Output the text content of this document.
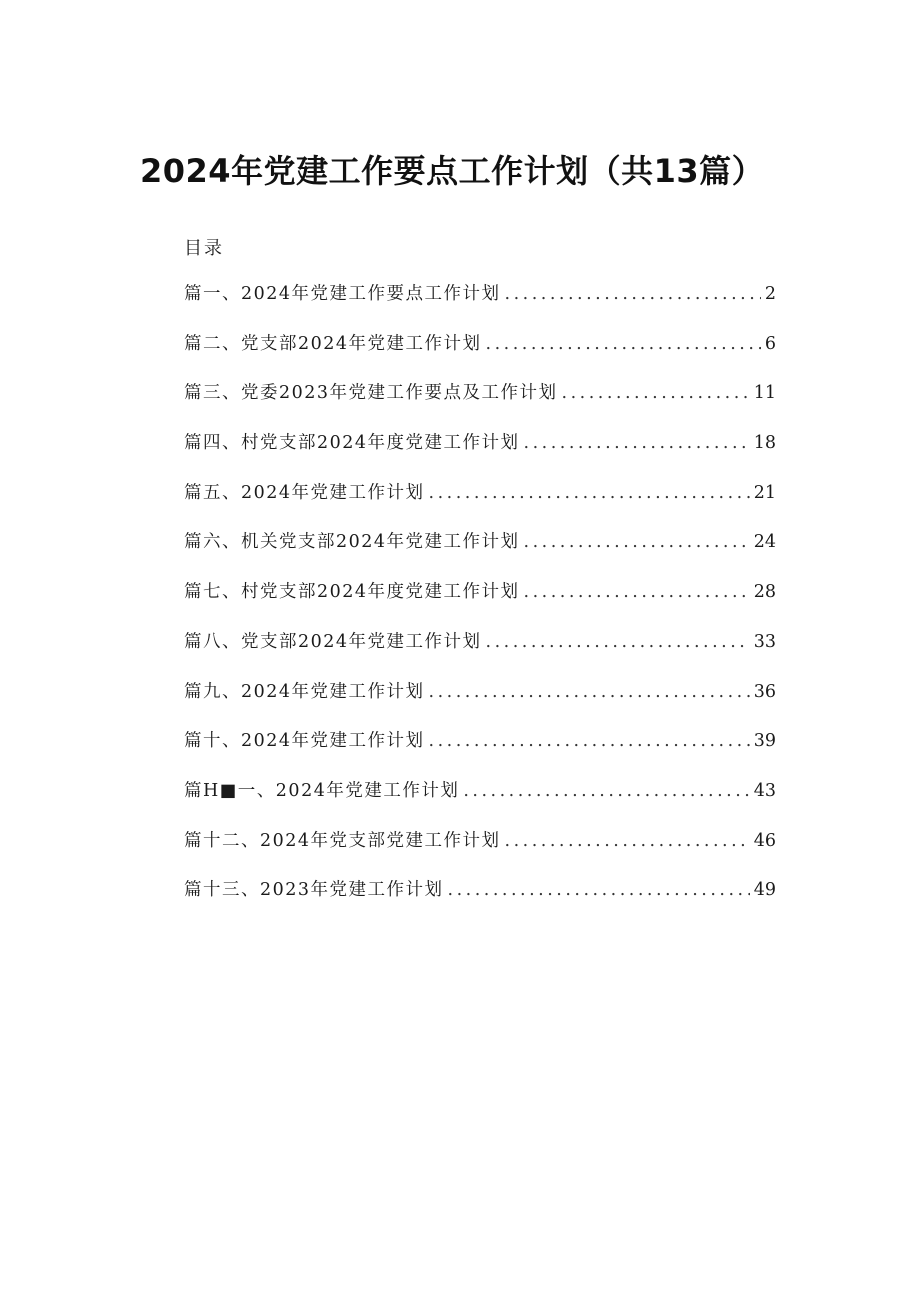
2024年党建工作要点工作计划（共13篇）
目录
篇一、2024年党建工作要点工作计划 .....	2
篇二、党支部2024年党建工作计划 .....	6
篇三、党委2023年党建工作要点及工作计划 .....	11
篇四、村党支部2024年度党建工作计划 .....	18
篇五、2024年党建工作计划 .....	21
篇六、机关党支部2024年党建工作计划 .....	24
篇七、村党支部2024年度党建工作计划 .....	28
篇八、党支部2024年党建工作计划 .....	33
篇九、2024年党建工作计划 .....	36
篇十、2024年党建工作计划 .....	39
篇H■一、2024年党建工作计划 .....	43
篇十二、2024年党支部党建工作计划 .....	46
篇十三、2023年党建工作计划 .....	49
